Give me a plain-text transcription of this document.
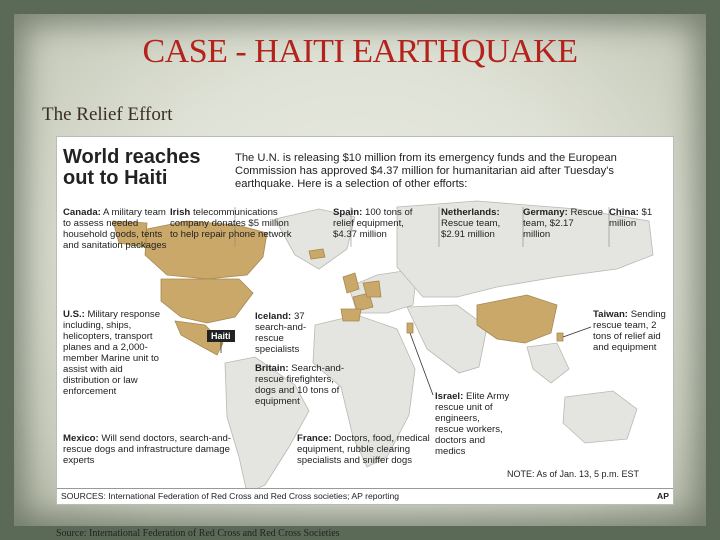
CASE - HAITI EARTHQUAKE
The Relief Effort
World reaches
out to Haiti
The U.N. is releasing $10 million from its emergency funds and the European Commission has approved $4.37 million for humanitarian aid after Tuesday's earthquake. Here is a selection of other efforts:
Canada: A military team to assess needed household goods, tents and sanitation packages
Irish telecommunications company donates $5 million to help repair phone network
Spain: 100 tons of relief equipment, $4.37 million
Netherlands: Rescue team, $2.91 million
Germany: Rescue team, $2.17 million
China: $1 million
U.S.: Military response including, ships, helicopters, transport planes and a 2,000-member Marine unit to assist with aid distribution or law enforcement
Iceland: 37 search-and-rescue specialists
Britain: Search-and-rescue firefighters, dogs and 10 tons of equipment
Taiwan: Sending rescue team, 2 tons of relief aid and equipment
Israel: Elite Army rescue unit of engineers, rescue workers, doctors and medics
Mexico: Will send doctors, search-and-rescue dogs and infrastructure damage experts
France: Doctors, food, medical equipment, rubble clearing specialists and sniffer dogs
Haiti
NOTE: As of Jan. 13, 5 p.m. EST
SOURCES: International Federation of Red Cross and Red Cross societies; AP reporting	AP
Source: International Federation of Red Cross and Red Cross Societies
